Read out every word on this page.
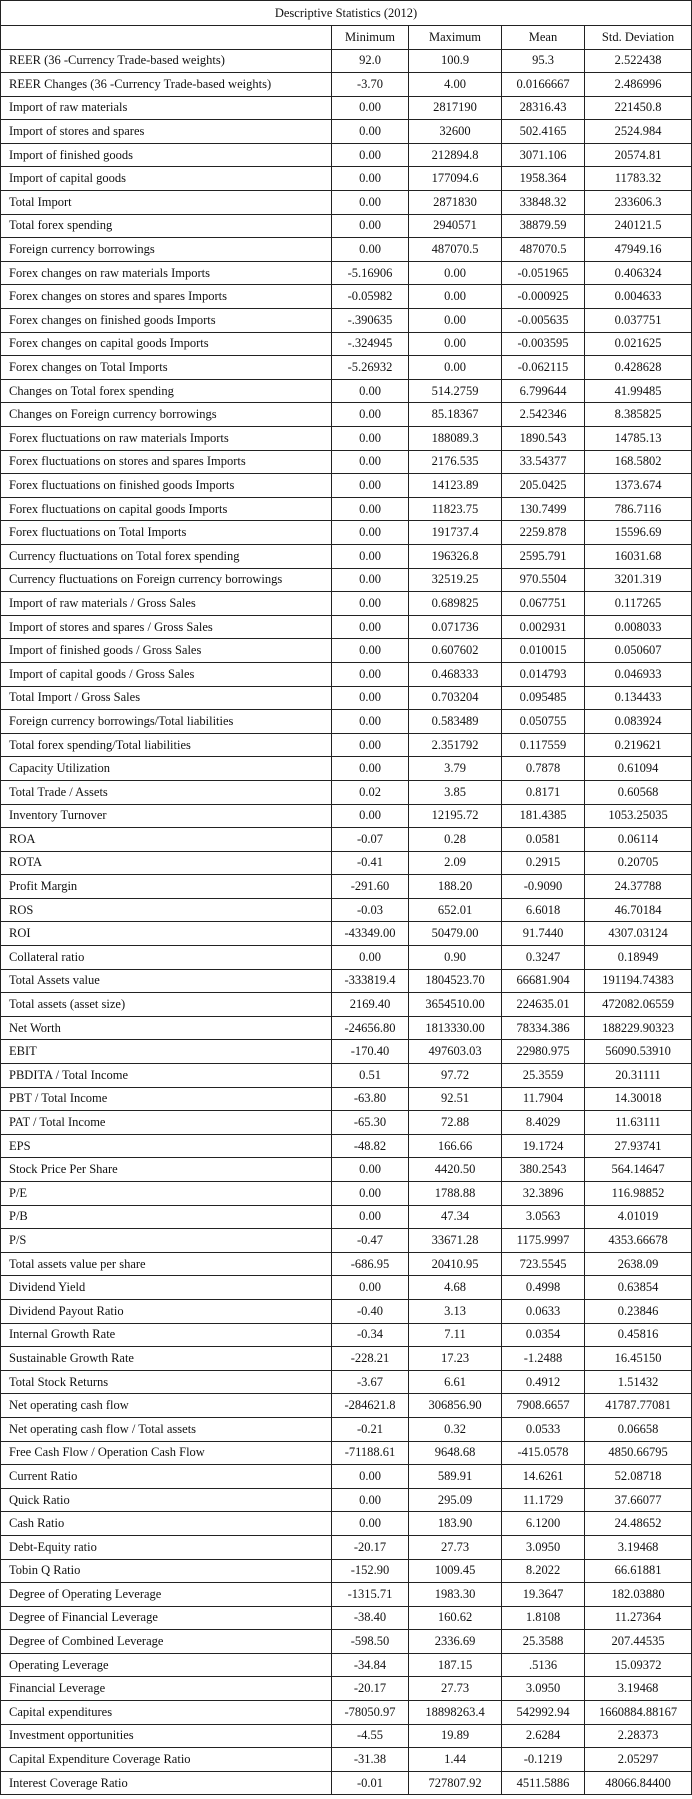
Descriptive Statistics (2012)				
	Minimum	Maximum	Mean	Std. Deviation
REER (36 -Currency Trade-based weights)	92.0	100.9	95.3	2.522438
REER Changes (36 -Currency Trade-based weights)	-3.70	4.00	0.0166667	2.486996
Import of raw materials	0.00	2817190	28316.43	221450.8
Import of stores and spares	0.00	32600	502.4165	2524.984
Import of finished goods	0.00	212894.8	3071.106	20574.81
Import of capital goods	0.00	177094.6	1958.364	11783.32
Total Import	0.00	2871830	33848.32	233606.3
Total forex spending	0.00	2940571	38879.59	240121.5
Foreign currency borrowings	0.00	487070.5	487070.5	47949.16
Forex changes on raw materials Imports	-5.16906	0.00	-0.051965	0.406324
Forex changes on stores and spares Imports	-0.05982	0.00	-0.000925	0.004633
Forex changes on finished goods Imports	-.390635	0.00	-0.005635	0.037751
Forex changes on capital goods Imports	-.324945	0.00	-0.003595	0.021625
Forex changes on Total Imports	-5.26932	0.00	-0.062115	0.428628
Changes on Total forex spending	0.00	514.2759	6.799644	41.99485
Changes on Foreign currency borrowings	0.00	85.18367	2.542346	8.385825
Forex fluctuations on raw materials Imports	0.00	188089.3	1890.543	14785.13
Forex fluctuations on stores and spares Imports	0.00	2176.535	33.54377	168.5802
Forex fluctuations on finished goods Imports	0.00	14123.89	205.0425	1373.674
Forex fluctuations on capital goods Imports	0.00	11823.75	130.7499	786.7116
Forex fluctuations on Total Imports	0.00	191737.4	2259.878	15596.69
Currency fluctuations on Total forex spending	0.00	196326.8	2595.791	16031.68
Currency fluctuations on Foreign currency borrowings	0.00	32519.25	970.5504	3201.319
Import of raw materials / Gross Sales	0.00	0.689825	0.067751	0.117265
Import of stores and spares / Gross Sales	0.00	0.071736	0.002931	0.008033
Import of finished goods / Gross Sales	0.00	0.607602	0.010015	0.050607
Import of capital goods / Gross Sales	0.00	0.468333	0.014793	0.046933
Total Import / Gross Sales	0.00	0.703204	0.095485	0.134433
Foreign currency borrowings/Total liabilities	0.00	0.583489	0.050755	0.083924
Total forex spending/Total liabilities	0.00	2.351792	0.117559	0.219621
Capacity Utilization	0.00	3.79	0.7878	0.61094
Total Trade / Assets	0.02	3.85	0.8171	0.60568
Inventory Turnover	0.00	12195.72	181.4385	1053.25035
ROA	-0.07	0.28	0.0581	0.06114
ROTA	-0.41	2.09	0.2915	0.20705
Profit Margin	-291.60	188.20	-0.9090	24.37788
ROS	-0.03	652.01	6.6018	46.70184
ROI	-43349.00	50479.00	91.7440	4307.03124
Collateral ratio	0.00	0.90	0.3247	0.18949
Total Assets value	-333819.4	1804523.70	66681.904	191194.74383
Total assets (asset size)	2169.40	3654510.00	224635.01	472082.06559
Net Worth	-24656.80	1813330.00	78334.386	188229.90323
EBIT	-170.40	497603.03	22980.975	56090.53910
PBDITA / Total Income	0.51	97.72	25.3559	20.31111
PBT / Total Income	-63.80	92.51	11.7904	14.30018
PAT / Total Income	-65.30	72.88	8.4029	11.63111
EPS	-48.82	166.66	19.1724	27.93741
Stock Price Per Share	0.00	4420.50	380.2543	564.14647
P/E	0.00	1788.88	32.3896	116.98852
P/B	0.00	47.34	3.0563	4.01019
P/S	-0.47	33671.28	1175.9997	4353.66678
Total assets value per share	-686.95	20410.95	723.5545	2638.09
Dividend Yield	0.00	4.68	0.4998	0.63854
Dividend Payout Ratio	-0.40	3.13	0.0633	0.23846
Internal Growth Rate	-0.34	7.11	0.0354	0.45816
Sustainable Growth Rate	-228.21	17.23	-1.2488	16.45150
Total Stock Returns	-3.67	6.61	0.4912	1.51432
Net operating cash flow	-284621.8	306856.90	7908.6657	41787.77081
Net operating cash flow / Total assets	-0.21	0.32	0.0533	0.06658
Free Cash Flow / Operation Cash Flow	-71188.61	9648.68	-415.0578	4850.66795
Current Ratio	0.00	589.91	14.6261	52.08718
Quick Ratio	0.00	295.09	11.1729	37.66077
Cash Ratio	0.00	183.90	6.1200	24.48652
Debt-Equity ratio	-20.17	27.73	3.0950	3.19468
Tobin Q Ratio	-152.90	1009.45	8.2022	66.61881
Degree of Operating Leverage	-1315.71	1983.30	19.3647	182.03880
Degree of Financial Leverage	-38.40	160.62	1.8108	11.27364
Degree of Combined Leverage	-598.50	2336.69	25.3588	207.44535
Operating Leverage	-34.84	187.15	.5136	15.09372
Financial Leverage	-20.17	27.73	3.0950	3.19468
Capital expenditures	-78050.97	18898263.4	542992.94	1660884.88167
Investment opportunities	-4.55	19.89	2.6284	2.28373
Capital Expenditure Coverage Ratio	-31.38	1.44	-0.1219	2.05297
Interest Coverage Ratio	-0.01	727807.92	4511.5886	48066.84400
